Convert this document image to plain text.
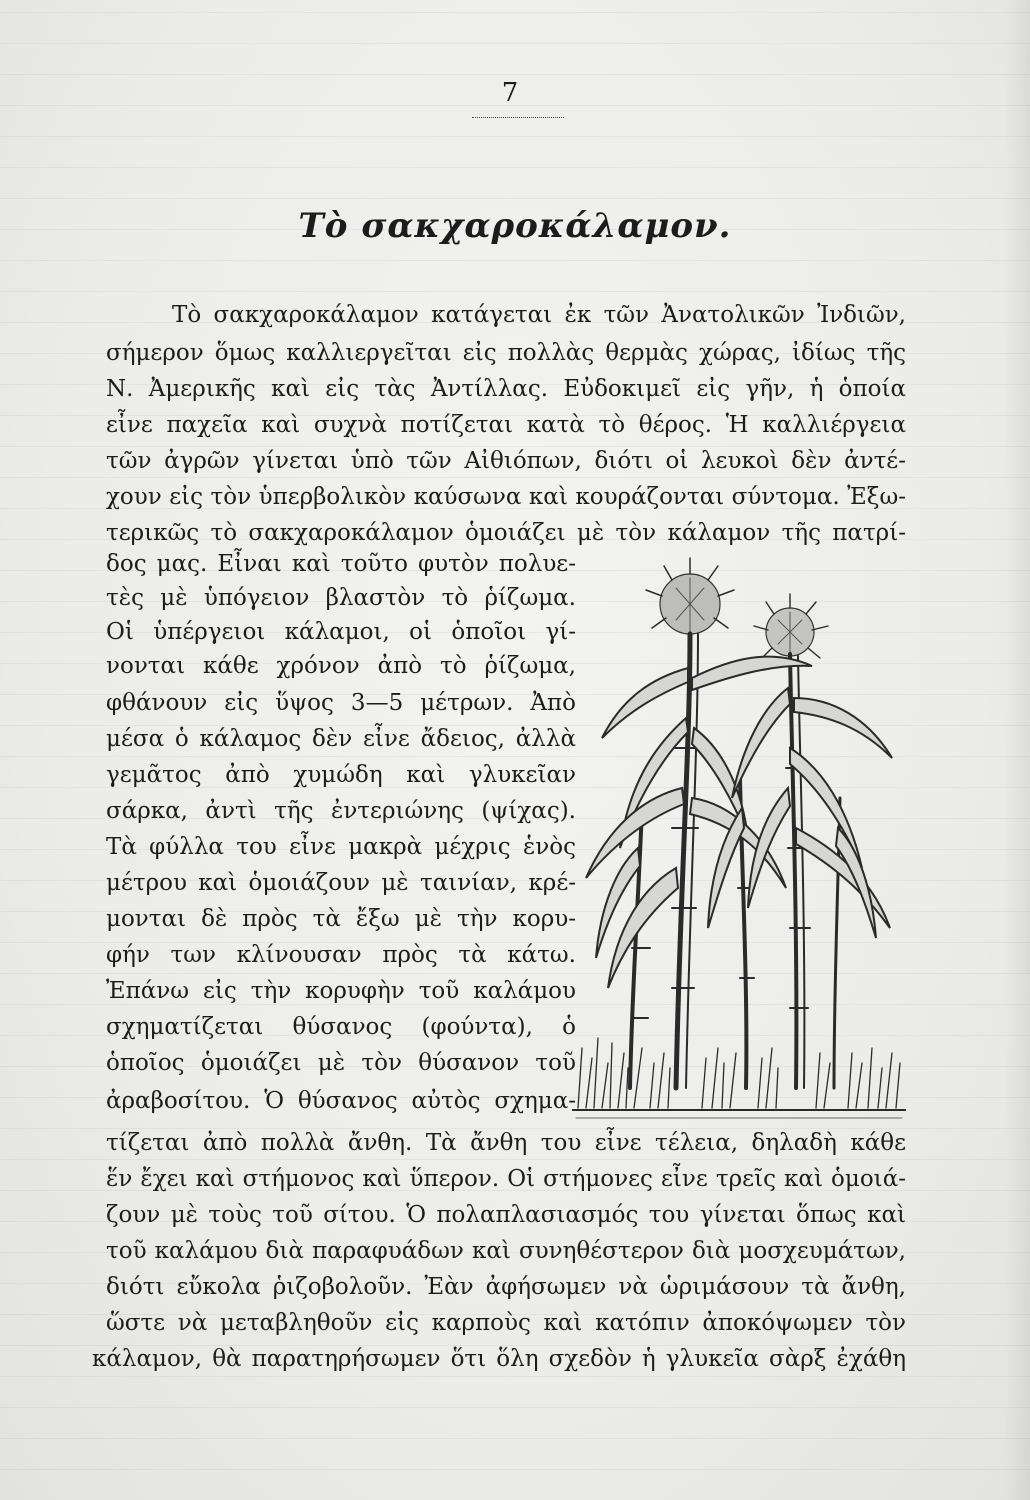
7
Τὸ σακχαροκάλαμον.
Τὸ σακχαροκάλαμον κατάγεται ἐκ τῶν Ἀνατολικῶν Ἰνδιῶν,
σήμερον ὅμως καλλιεργεῖται εἰς πολλὰς θερμὰς χώρας, ἰδίως τῆς
Ν. Ἀμερικῆς καὶ εἰς τὰς Ἀντίλλας. Εὐδοκιμεῖ εἰς γῆν, ἡ ὁποία
εἶνε παχεῖα καὶ συχνὰ ποτίζεται κατὰ τὸ θέρος. Ἡ καλλιέργεια
τῶν ἀγρῶν γίνεται ὑπὸ τῶν Αἰθιόπων, διότι οἱ λευκοὶ δὲν ἀντέ-
χουν εἰς τὸν ὑπερβολικὸν καύσωνα καὶ κουράζονται σύντομα. Ἐξω-
τερικῶς τὸ σακχαροκάλαμον ὁμοιάζει μὲ τὸν κάλαμον τῆς πατρί-
δος μας. Εἶναι καὶ τοῦτο φυτὸν πολυε-
τὲς μὲ ὑπόγειον βλαστὸν τὸ ῥίζωμα.
Οἱ ὑπέργειοι κάλαμοι, οἱ ὁποῖοι γί-
νονται κάθε χρόνον ἀπὸ τὸ ῥίζωμα,
φθάνουν εἰς ὕψος 3—5 μέτρων. Ἀπὸ
μέσα ὁ κάλαμος δὲν εἶνε ἄδειος, ἀλλὰ
γεμᾶτος ἀπὸ χυμώδη καὶ γλυκεῖαν
σάρκα, ἀντὶ τῆς ἐντεριώνης (ψίχας).
Τὰ φύλλα του εἶνε μακρὰ μέχρις ἑνὸς
μέτρου καὶ ὁμοιάζουν μὲ ταινίαν, κρέ-
μονται δὲ πρὸς τὰ ἔξω μὲ τὴν κορυ-
φήν των κλίνουσαν πρὸς τὰ κάτω.
Ἐπάνω εἰς τὴν κορυφὴν τοῦ καλάμου
σχηματίζεται θύσανος (φούντα), ὁ
ὁποῖος ὁμοιάζει μὲ τὸν θύσανον τοῦ
ἀραβοσίτου. Ὁ θύσανος αὐτὸς σχημα-
τίζεται ἀπὸ πολλὰ ἄνθη. Τὰ ἄνθη του εἶνε τέλεια, δηλαδὴ κάθε
ἕν ἔχει καὶ στήμονος καὶ ὕπερον. Οἱ στήμονες εἶνε τρεῖς καὶ ὁμοιά-
ζουν μὲ τοὺς τοῦ σίτου. Ὁ πολαπλασιασμός του γίνεται ὅπως καὶ
τοῦ καλάμου διὰ παραφυάδων καὶ συνηθέστερον διὰ μοσχευμάτων,
διότι εὔκολα ῥιζοβολοῦν. Ἐὰν ἀφήσωμεν νὰ ὡριμάσουν τὰ ἄνθη,
ὥστε νὰ μεταβληθοῦν εἰς καρποὺς καὶ κατόπιν ἀποκόψωμεν τὸν
κάλαμον, θὰ παρατηρήσωμεν ὅτι ὅλη σχεδὸν ἡ γλυκεῖα σὰρξ ἐχάθη
